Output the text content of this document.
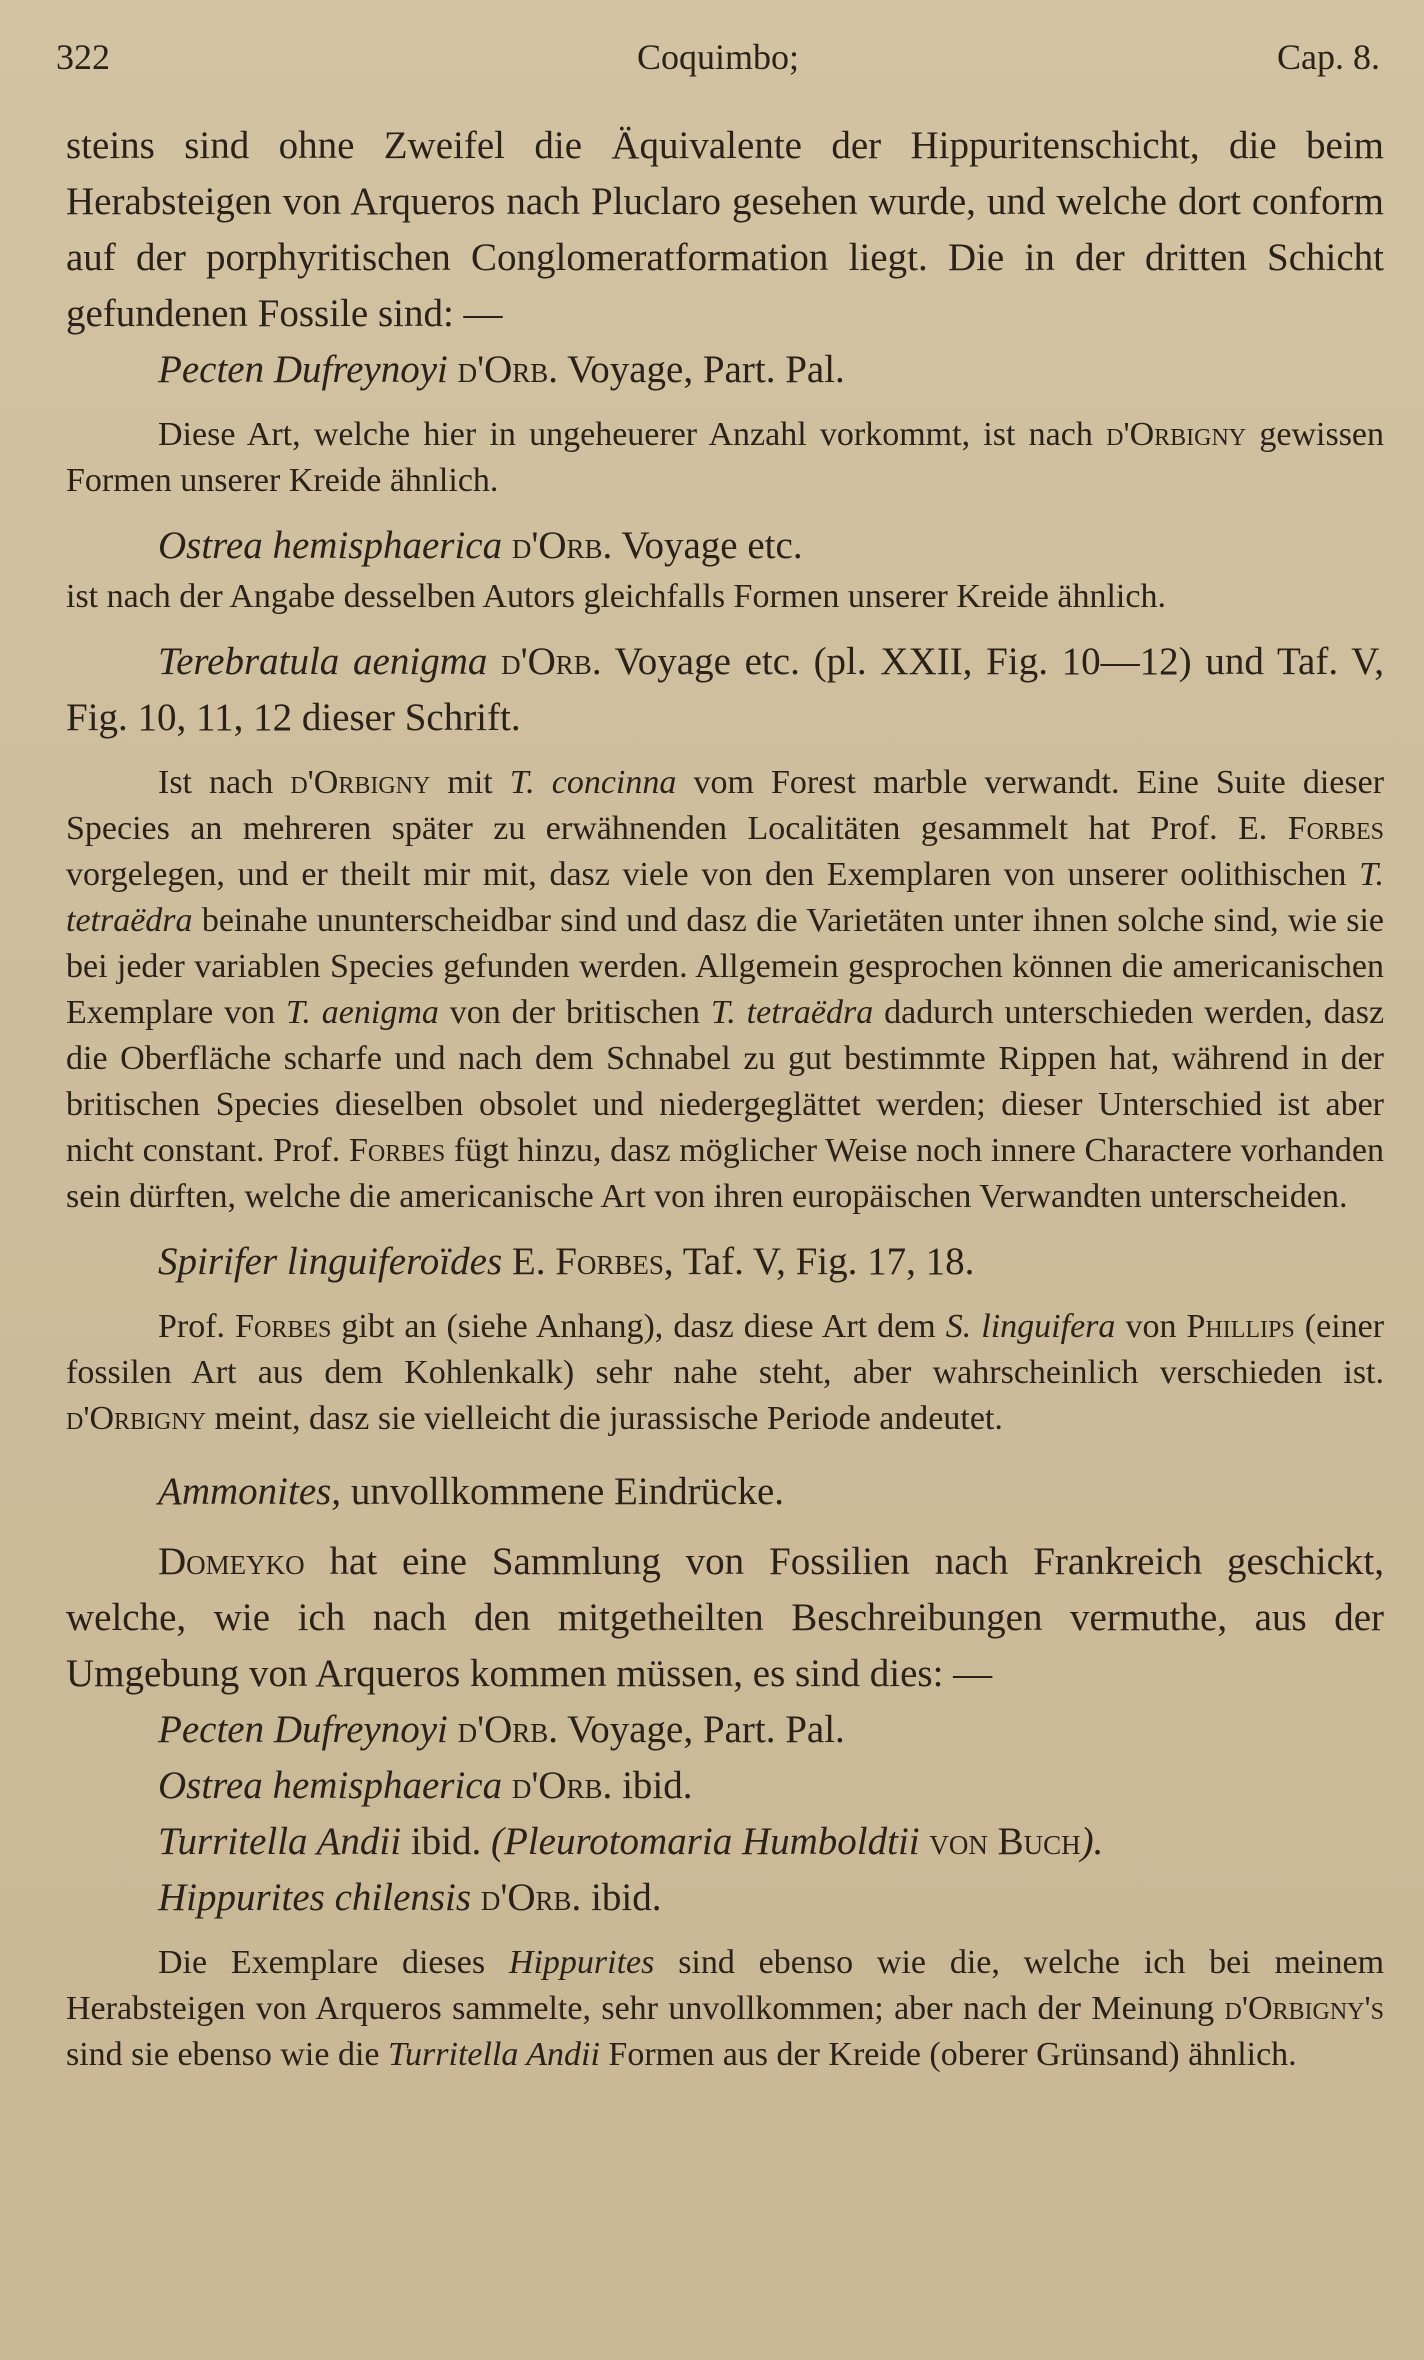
322	Coquimbo;	Cap. 8.

steins sind ohne Zweifel die Äquivalente der Hippuritenschicht, die beim Herabsteigen von Arqueros nach Pluclaro gesehen wurde, und welche dort conform auf der porphyritischen Conglomeratformation liegt. Die in der dritten Schicht gefundenen Fossile sind: —

Pecten Dufreynoyi d'Orb. Voyage, Part. Pal.

Diese Art, welche hier in ungeheuerer Anzahl vorkommt, ist nach d'Orbigny gewissen Formen unserer Kreide ähnlich.

Ostrea hemisphaerica d'Orb. Voyage etc.

ist nach der Angabe desselben Autors gleichfalls Formen unserer Kreide ähnlich.

Terebratula aenigma d'Orb. Voyage etc. (pl. XXII, Fig. 10—12) und Taf. V, Fig. 10, 11, 12 dieser Schrift.

Ist nach d'Orbigny mit T. concinna vom Forest marble verwandt. Eine Suite dieser Species an mehreren später zu erwähnenden Localitäten gesammelt hat Prof. E. Forbes vorgelegen, und er theilt mir mit, dasz viele von den Exemplaren von unserer oolithischen T. tetraëdra beinahe ununterscheidbar sind und dasz die Varietäten unter ihnen solche sind, wie sie bei jeder variablen Species gefunden werden. Allgemein gesprochen können die americanischen Exemplare von T. aenigma von der britischen T. tetraëdra dadurch unterschieden werden, dasz die Oberfläche scharfe und nach dem Schnabel zu gut bestimmte Rippen hat, während in der britischen Species dieselben obsolet und niedergeglättet werden; dieser Unterschied ist aber nicht constant. Prof. Forbes fügt hinzu, dasz möglicher Weise noch innere Charactere vorhanden sein dürften, welche die americanische Art von ihren europäischen Verwandten unterscheiden.

Spirifer linguiferoïdes E. Forbes, Taf. V, Fig. 17, 18.

Prof. Forbes gibt an (siehe Anhang), dasz diese Art dem S. linguifera von Phillips (einer fossilen Art aus dem Kohlenkalk) sehr nahe steht, aber wahrscheinlich verschieden ist. d'Orbigny meint, dasz sie vielleicht die jurassische Periode andeutet.

Ammonites, unvollkommene Eindrücke.

Domeyko hat eine Sammlung von Fossilien nach Frankreich geschickt, welche, wie ich nach den mitgetheilten Beschreibungen vermuthe, aus der Umgebung von Arqueros kommen müssen, es sind dies: —

Pecten Dufreynoyi d'Orb. Voyage, Part. Pal.

Ostrea hemisphaerica d'Orb. ibid.

Turritella Andii ibid. (Pleurotomaria Humboldtii von Buch).

Hippurites chilensis d'Orb. ibid.

Die Exemplare dieses Hippurites sind ebenso wie die, welche ich bei meinem Herabsteigen von Arqueros sammelte, sehr unvollkommen; aber nach der Meinung d'Orbigny's sind sie ebenso wie die Turritella Andii Formen aus der Kreide (oberer Grünsand) ähnlich.
